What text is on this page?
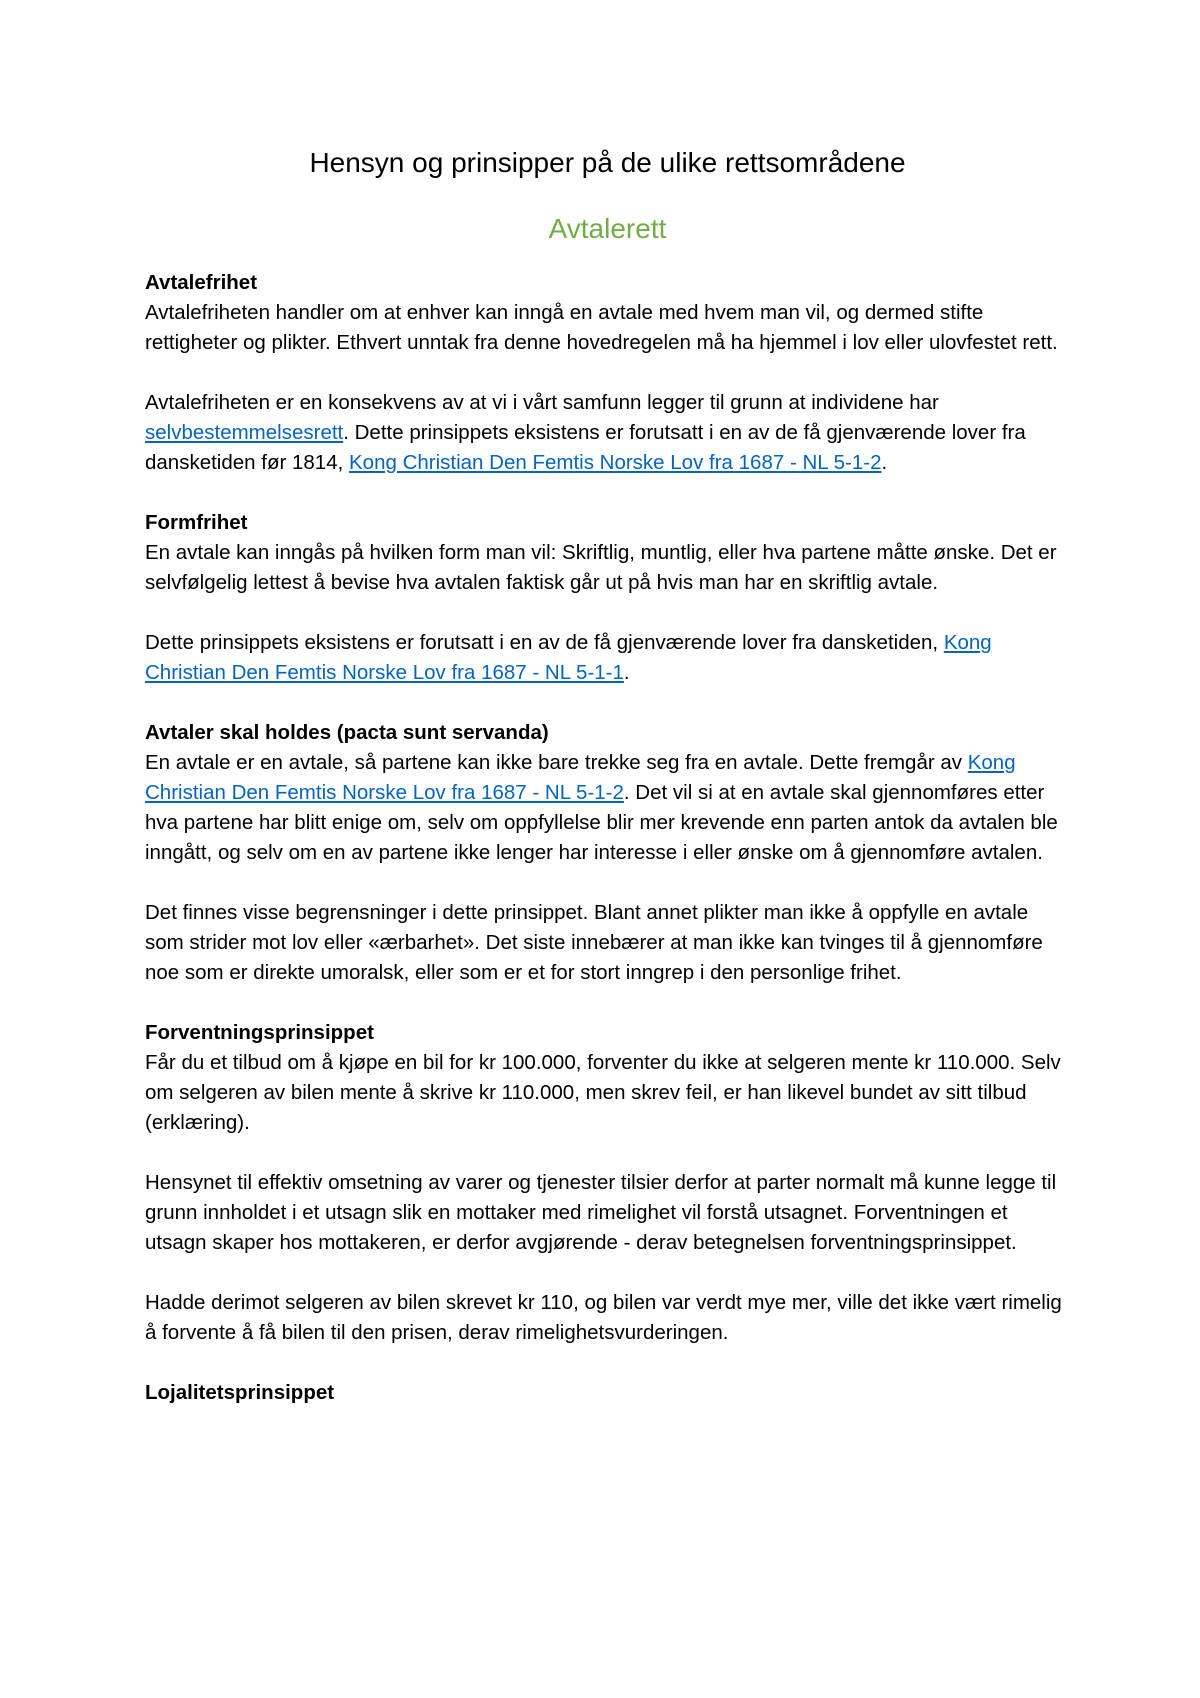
Hensyn og prinsipper på de ulike rettsområdene
Avtalerett
Avtalefrihet

Avtalefriheten handler om at enhver kan inngå en avtale med hvem man vil, og dermed stifte rettigheter og plikter. Ethvert unntak fra denne hovedregelen må ha hjemmel i lov eller ulovfestet rett.

Avtalefriheten er en konsekvens av at vi i vårt samfunn legger til grunn at individene har selvbestemmelsesrett. Dette prinsippets eksistens er forutsatt i en av de få gjenværende lover fra dansketiden før 1814, Kong Christian Den Femtis Norske Lov fra 1687 - NL 5-1-2.

Formfrihet

En avtale kan inngås på hvilken form man vil: Skriftlig, muntlig, eller hva partene måtte ønske. Det er selvfølgelig lettest å bevise hva avtalen faktisk går ut på hvis man har en skriftlig avtale.

Dette prinsippets eksistens er forutsatt i en av de få gjenværende lover fra dansketiden, Kong Christian Den Femtis Norske Lov fra 1687 - NL 5-1-1.

Avtaler skal holdes (pacta sunt servanda)

En avtale er en avtale, så partene kan ikke bare trekke seg fra en avtale. Dette fremgår av Kong Christian Den Femtis Norske Lov fra 1687 - NL 5-1-2. Det vil si at en avtale skal gjennomføres etter hva partene har blitt enige om, selv om oppfyllelse blir mer krevende enn parten antok da avtalen ble inngått, og selv om en av partene ikke lenger har interesse i eller ønske om å gjennomføre avtalen.

Det finnes visse begrensninger i dette prinsippet. Blant annet plikter man ikke å oppfylle en avtale som strider mot lov eller «ærbarhet». Det siste innebærer at man ikke kan tvinges til å gjennomføre noe som er direkte umoralsk, eller som er et for stort inngrep i den personlige frihet.

Forventningsprinsippet

Får du et tilbud om å kjøpe en bil for kr 100.000, forventer du ikke at selgeren mente kr 110.000. Selv om selgeren av bilen mente å skrive kr 110.000, men skrev feil, er han likevel bundet av sitt tilbud (erklæring).

Hensynet til effektiv omsetning av varer og tjenester tilsier derfor at parter normalt må kunne legge til grunn innholdet i et utsagn slik en mottaker med rimelighet vil forstå utsagnet. Forventningen et utsagn skaper hos mottakeren, er derfor avgjørende - derav betegnelsen forventningsprinsippet.

Hadde derimot selgeren av bilen skrevet kr 110, og bilen var verdt mye mer, ville det ikke vært rimelig å forvente å få bilen til den prisen, derav rimelighetsvurderingen.

Lojalitetsprinsippet
